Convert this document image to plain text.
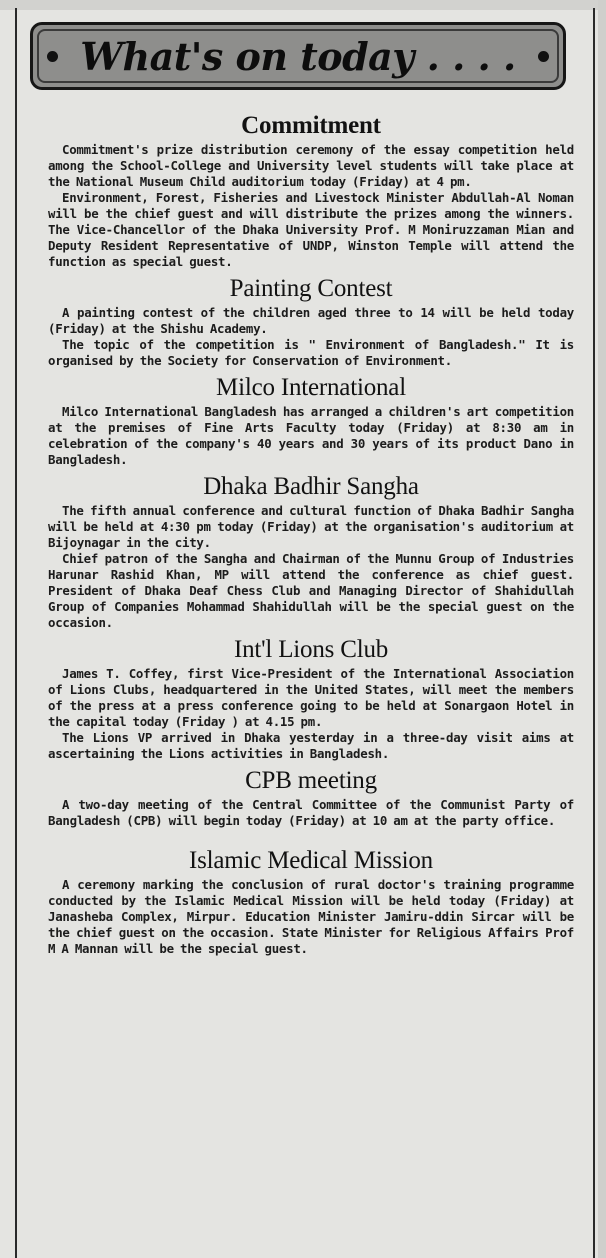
What's on today . . . .
Commitment

Commitment's prize distribution ceremony of the essay competition held among the School-College and University level students will take place at the National Museum Child auditorium today (Friday) at 4 pm.

Environment, Forest, Fisheries and Livestock Minister Abdullah-Al Noman will be the chief guest and will distribute the prizes among the winners. The Vice-Chancellor of the Dhaka University Prof. M Moniruzzaman Mian and Deputy Resident Representative of UNDP, Winston Temple will attend the function as special guest.

Painting Contest

A painting contest of the children aged three to 14 will be held today (Friday) at the Shishu Academy.

The topic of the competition is " Environment of Bangladesh." It is organised by the Society for Conservation of Environment.

Milco International

Milco International Bangladesh has arranged a children's art competition at the premises of Fine Arts Faculty today (Friday) at 8:30 am in celebration of the company's 40 years and 30 years of its product Dano in Bangladesh.

Dhaka Badhir Sangha

The fifth annual conference and cultural function of Dhaka Badhir Sangha will be held at 4:30 pm today (Friday) at the organisation's auditorium at Bijoynagar in the city.

Chief patron of the Sangha and Chairman of the Munnu Group of Industries Harunar Rashid Khan, MP will attend the conference as chief guest. President of Dhaka Deaf Chess Club and Managing Director of Shahidullah Group of Companies Mohammad Shahidullah will be the special guest on the occasion.

Int'l Lions Club

James T. Coffey, first Vice-President of the International Association of Lions Clubs, headquartered in the United States, will meet the members of the press at a press conference going to be held at Sonargaon Hotel in the capital today (Friday ) at 4.15 pm.

The Lions VP arrived in Dhaka yesterday in a three-day visit aims at ascertaining the Lions activities in Bangladesh.

CPB meeting

A two-day meeting of the Central Committee of the Communist Party of Bangladesh (CPB) will begin today (Friday) at 10 am at the party office.

Islamic Medical Mission

A ceremony marking the conclusion of rural doctor's training programme conducted by the Islamic Medical Mission will be held today (Friday) at Janasheba Complex, Mirpur. Education Minister Jamiru-ddin Sircar will be the chief guest on the occasion. State Minister for Religious Affairs Prof M A Mannan will be the special guest.
